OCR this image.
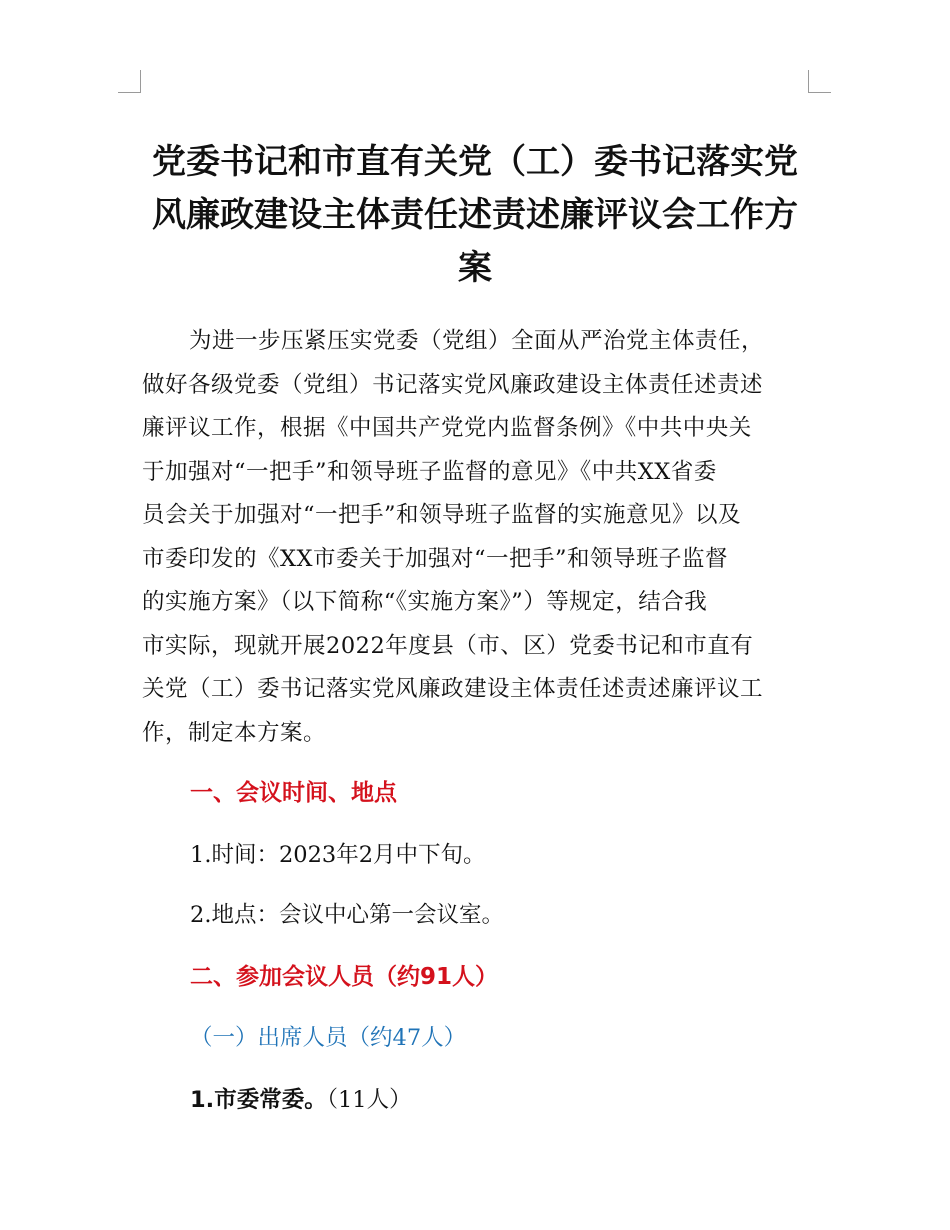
党委书记和市直有关党（工）委书记落实党
风廉政建设主体责任述责述廉评议会工作方
案
为进一步压紧压实党委（党组）全面从严治党主体责任，
做好各级党委（党组）书记落实党风廉政建设主体责任述责述
廉评议工作，根据《中国共产党党内监督条例》《中共中央关
于加强对“一把手”和领导班子监督的意见》《中共XX省委
员会关于加强对“一把手”和领导班子监督的实施意见》以及
市委印发的《XX市委关于加强对“一把手”和领导班子监督
的实施方案》（以下简称“《实施方案》”）等规定，结合我
市实际，现就开展2022年度县（市、区）党委书记和市直有
关党（工）委书记落实党风廉政建设主体责任述责述廉评议工
作，制定本方案。
一、会议时间、地点
1.时间：2023年2月中下旬。
2.地点：会议中心第一会议室。
二、参加会议人员（约91人）
（一）出席人员（约47人）
1.市委常委。（11人）
